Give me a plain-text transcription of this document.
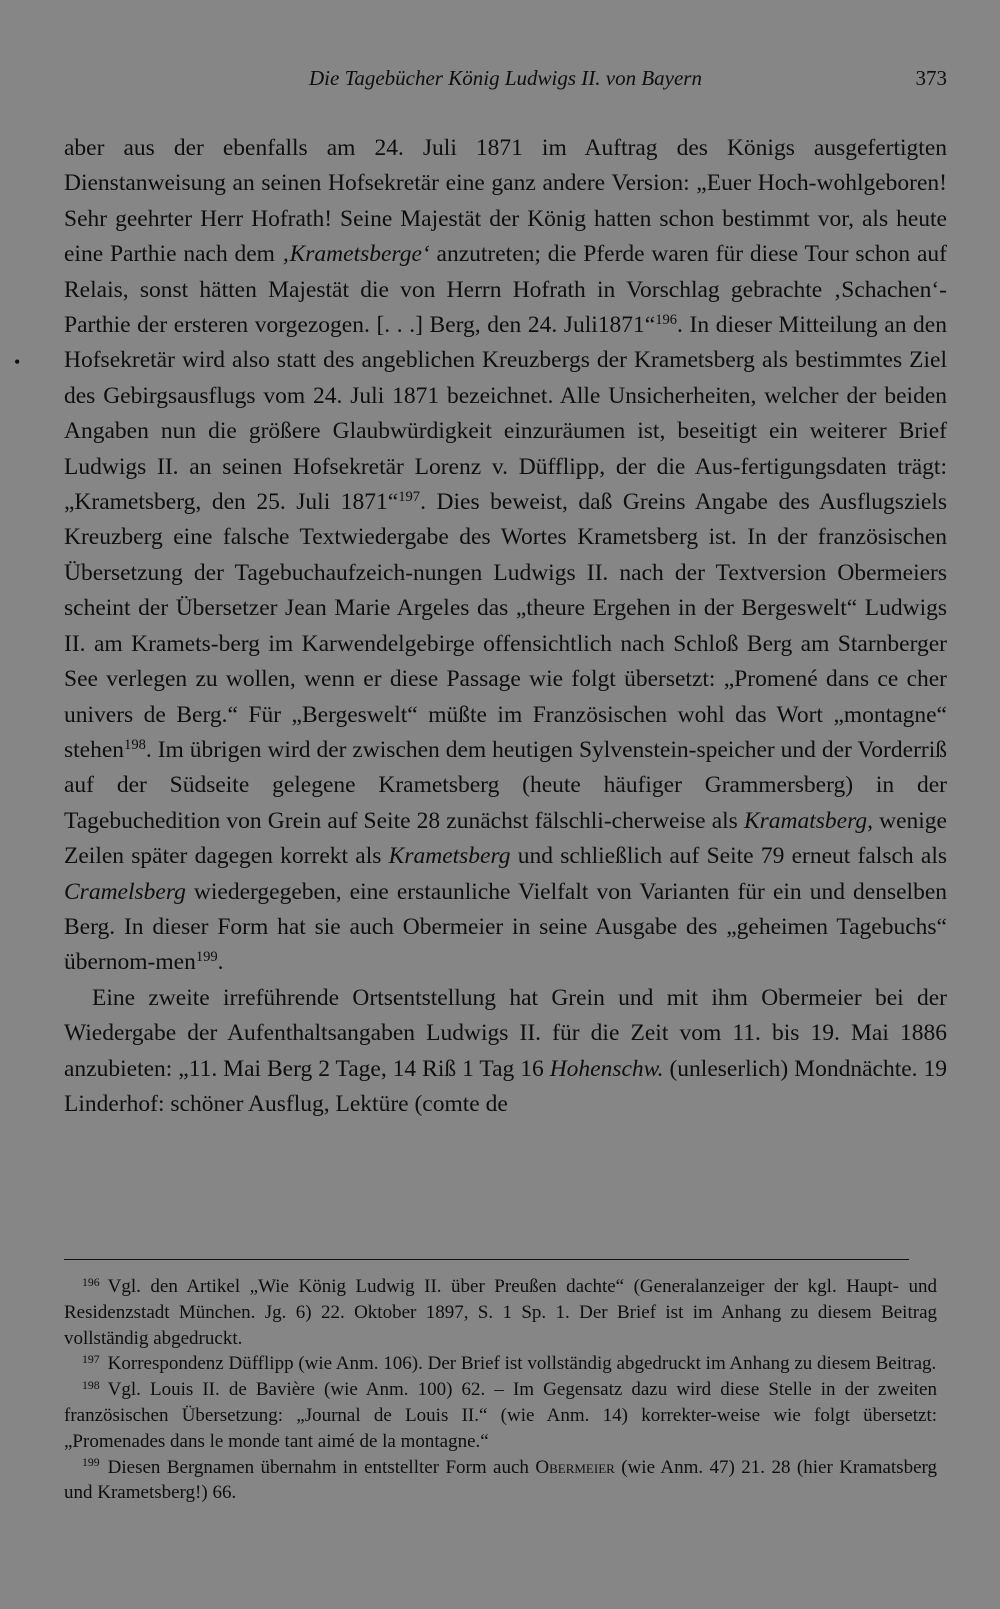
Die Tagebücher König Ludwigs II. von Bayern	373
•

aber aus der ebenfalls am 24. Juli 1871 im Auftrag des Königs ausgefertigten Dienstanweisung an seinen Hofsekretär eine ganz andere Version: „Euer Hoch-wohlgeboren! Sehr geehrter Herr Hofrath! Seine Majestät der König hatten schon bestimmt vor, als heute eine Parthie nach dem ‚Krametsberge‘ anzutreten; die Pferde waren für diese Tour schon auf Relais, sonst hätten Majestät die von Herrn Hofrath in Vorschlag gebrachte ‚Schachen‘-Parthie der ersteren vorgezogen. [. . .] Berg, den 24. Juli1871“$^{196}$. In dieser Mitteilung an den Hofsekretär wird also statt des angeblichen Kreuzbergs der Krametsberg als bestimmtes Ziel des Gebirgsausflugs vom 24. Juli 1871 bezeichnet. Alle Unsicherheiten, welcher der beiden Angaben nun die größere Glaubwürdigkeit einzuräumen ist, beseitigt ein weiterer Brief Ludwigs II. an seinen Hofsekretär Lorenz v. Düfflipp, der die Aus-fertigungsdaten trägt: „Krametsberg, den 25. Juli 1871“$^{197}$. Dies beweist, daß Greins Angabe des Ausflugsziels Kreuzberg eine falsche Textwiedergabe des Wortes Krametsberg ist. In der französischen Übersetzung der Tagebuchaufzeich-nungen Ludwigs II. nach der Textversion Obermeiers scheint der Übersetzer Jean Marie Argeles das „theure Ergehen in der Bergeswelt“ Ludwigs II. am Kramets-berg im Karwendelgebirge offensichtlich nach Schloß Berg am Starnberger See verlegen zu wollen, wenn er diese Passage wie folgt übersetzt: „Promené dans ce cher univers de Berg.“ Für „Bergeswelt“ müßte im Französischen wohl das Wort „montagne“ stehen$^{198}$. Im übrigen wird der zwischen dem heutigen Sylvenstein-speicher und der Vorderriß auf der Südseite gelegene Krametsberg (heute häufiger Grammersberg) in der Tagebuchedition von Grein auf Seite 28 zunächst fälschli-cherweise als Kramatsberg, wenige Zeilen später dagegen korrekt als Krametsberg und schließlich auf Seite 79 erneut falsch als Cramelsberg wiedergegeben, eine erstaunliche Vielfalt von Varianten für ein und denselben Berg. In dieser Form hat sie auch Obermeier in seine Ausgabe des „geheimen Tagebuchs“ übernom-men$^{199}$.

Eine zweite irreführende Ortsentstellung hat Grein und mit ihm Obermeier bei der Wiedergabe der Aufenthaltsangaben Ludwigs II. für die Zeit vom 11. bis 19. Mai 1886 anzubieten: „11. Mai Berg 2 Tage, 14 Riß 1 Tag 16 Hohenschw. (unleserlich) Mondnächte. 19 Linderhof: schöner Ausflug, Lektüre (comte de

$^{196}$ Vgl. den Artikel „Wie König Ludwig II. über Preußen dachte“ (Generalanzeiger der kgl. Haupt- und Residenzstadt München. Jg. 6) 22. Oktober 1897, S. 1 Sp. 1. Der Brief ist im Anhang zu diesem Beitrag vollständig abgedruckt.

$^{197}$ Korrespondenz Düfflipp (wie Anm. 106). Der Brief ist vollständig abgedruckt im Anhang zu diesem Beitrag.

$^{198}$ Vgl. Louis II. de Bavière (wie Anm. 100) 62. – Im Gegensatz dazu wird diese Stelle in der zweiten französischen Übersetzung: „Journal de Louis II.“ (wie Anm. 14) korrekter-weise wie folgt übersetzt: „Promenades dans le monde tant aimé de la montagne.“

$^{199}$ Diesen Bergnamen übernahm in entstellter Form auch Obermeier (wie Anm. 47) 21. 28 (hier Kramatsberg und Krametsberg!) 66.
